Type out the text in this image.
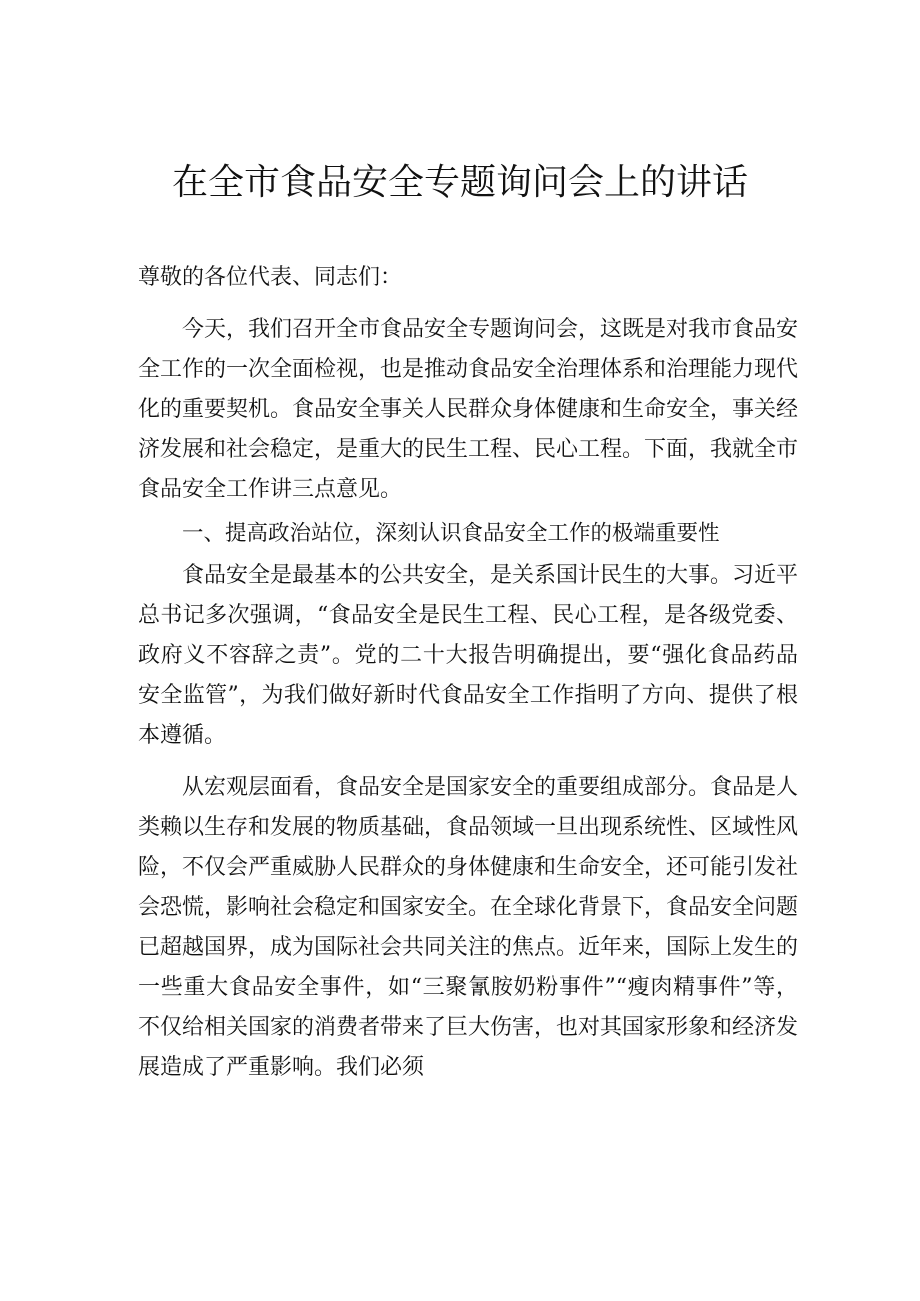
在全市食品安全专题询问会上的讲话

尊敬的各位代表、同志们：

今天，我们召开全市食品安全专题询问会，这既是对我市食品安全工作的一次全面检视，也是推动食品安全治理体系和治理能力现代化的重要契机。食品安全事关人民群众身体健康和生命安全，事关经济发展和社会稳定，是重大的民生工程、民心工程。下面，我就全市食品安全工作讲三点意见。

一、提高政治站位，深刻认识食品安全工作的极端重要性

食品安全是最基本的公共安全，是关系国计民生的大事。习近平总书记多次强调，“食品安全是民生工程、民心工程，是各级党委、政府义不容辞之责”。党的二十大报告明确提出，要“强化食品药品安全监管”，为我们做好新时代食品安全工作指明了方向、提供了根本遵循。

从宏观层面看，食品安全是国家安全的重要组成部分。食品是人类赖以生存和发展的物质基础，食品领域一旦出现系统性、区域性风险，不仅会严重威胁人民群众的身体健康和生命安全，还可能引发社会恐慌，影响社会稳定和国家安全。在全球化背景下，食品安全问题已超越国界，成为国际社会共同关注的焦点。近年来，国际上发生的一些重大食品安全事件，如“三聚氰胺奶粉事件”“瘦肉精事件”等，不仅给相关国家的消费者带来了巨大伤害，也对其国家形象和经济发展造成了严重影响。我们必须
